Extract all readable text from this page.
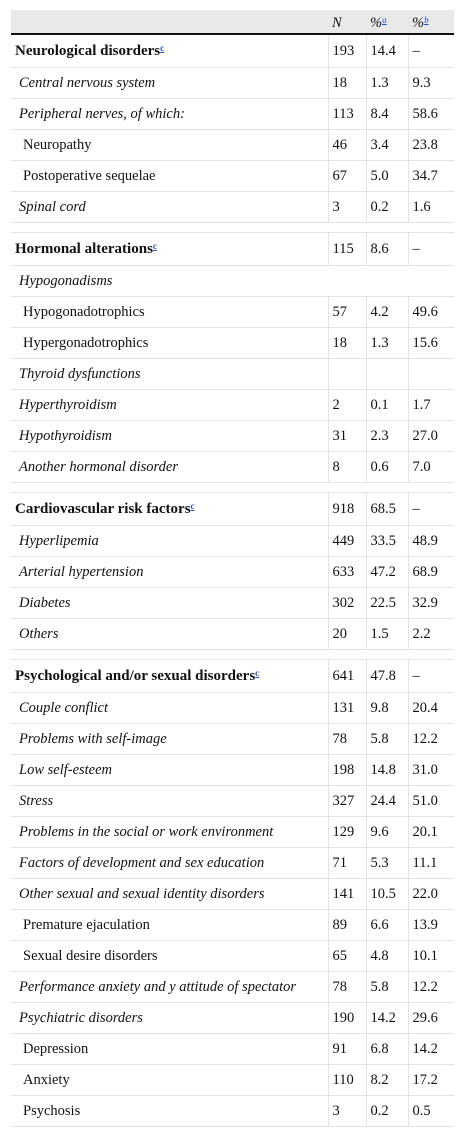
	N	%$^a$	%$^b$
Neurological disorders$^c$	193	14.4	–
Central nervous system	18	1.3	9.3
Peripheral nerves, of which:	113	8.4	58.6
Neuropathy	46	3.4	23.8
Postoperative sequelae	67	5.0	34.7
Spinal cord	3	0.2	1.6

Hormonal alterations$^c$	115	8.6	–
Hypogonadisms			
Hypogonadotrophics	57	4.2	49.6
Hypergonadotrophics	18	1.3	15.6
Thyroid dysfunctions			
Hyperthyroidism	2	0.1	1.7
Hypothyroidism	31	2.3	27.0
Another hormonal disorder	8	0.6	7.0

Cardiovascular risk factors$^c$	918	68.5	–
Hyperlipemia	449	33.5	48.9
Arterial hypertension	633	47.2	68.9
Diabetes	302	22.5	32.9
Others	20	1.5	2.2

Psychological and/or sexual disorders$^c$	641	47.8	–
Couple conflict	131	9.8	20.4
Problems with self-image	78	5.8	12.2
Low self-esteem	198	14.8	31.0
Stress	327	24.4	51.0
Problems in the social or work environment	129	9.6	20.1
Factors of development and sex education	71	5.3	11.1
Other sexual and sexual identity disorders	141	10.5	22.0
Premature ejaculation	89	6.6	13.9
Sexual desire disorders	65	4.8	10.1
Performance anxiety and y attitude of spectator	78	5.8	12.2
Psychiatric disorders	190	14.2	29.6
Depression	91	6.8	14.2
Anxiety	110	8.2	17.2
Psychosis	3	0.2	0.5
